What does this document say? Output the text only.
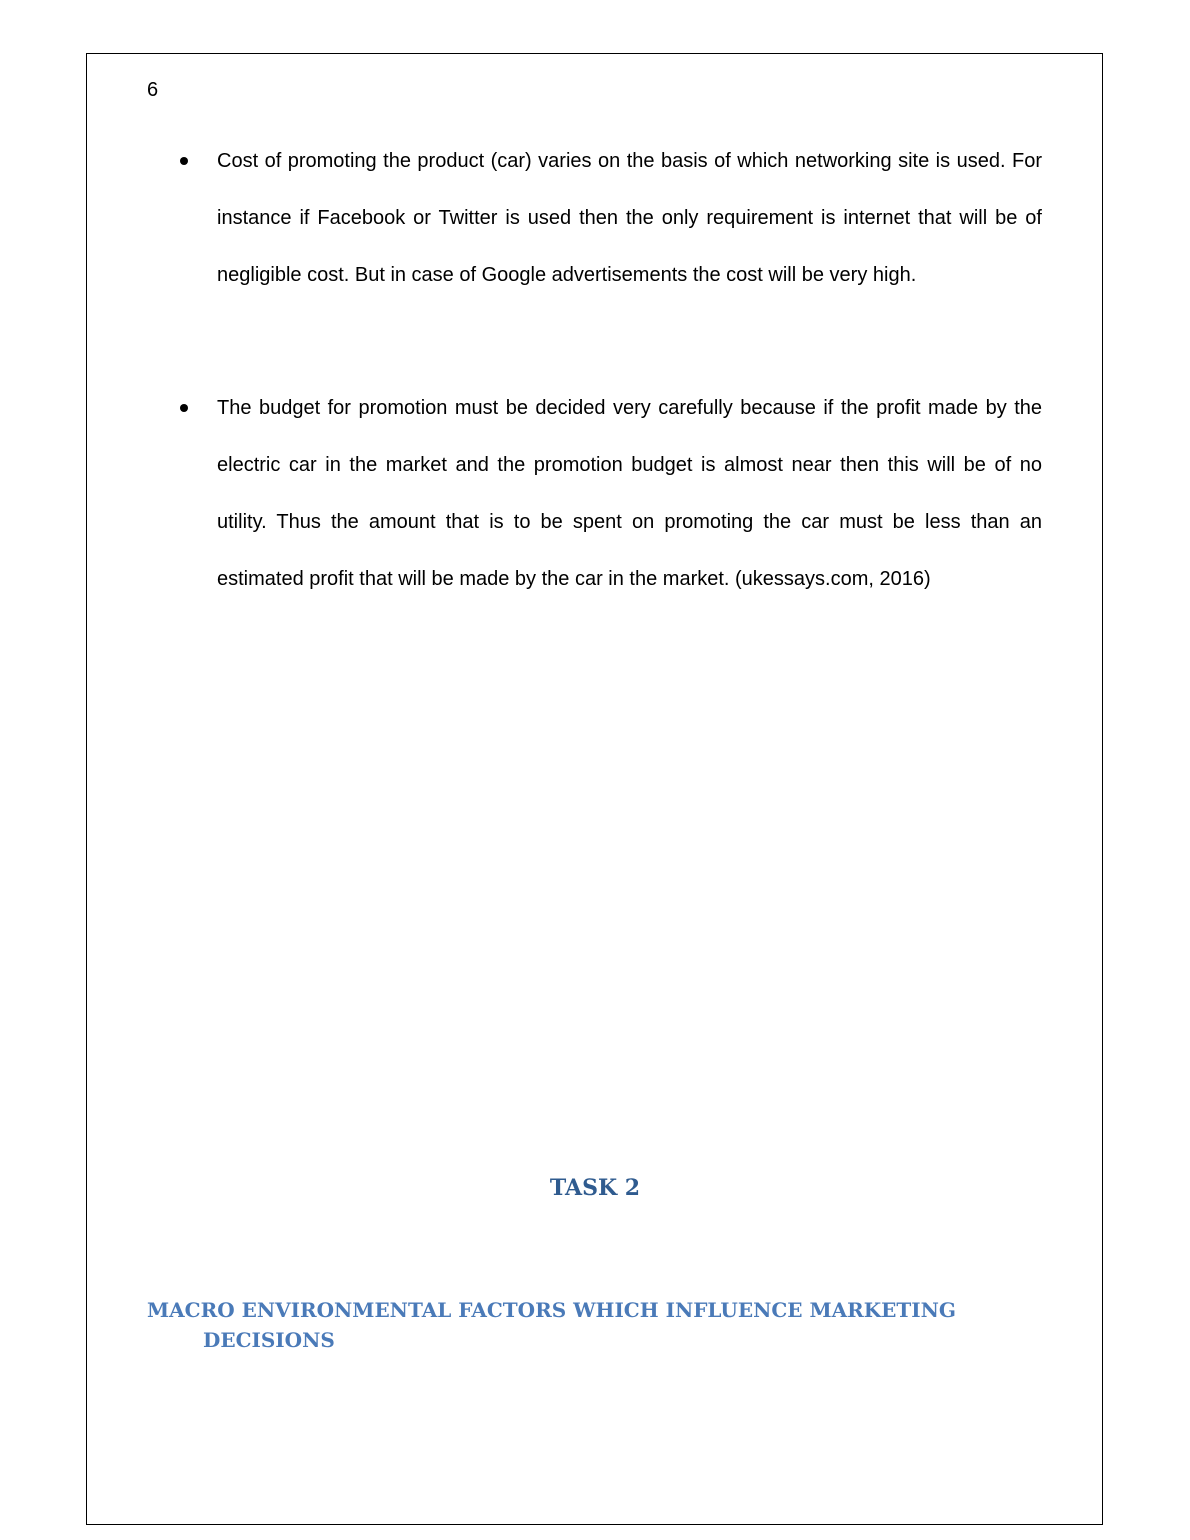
6
Cost of promoting the product (car) varies on the basis of which networking site is used. For instance if Facebook or Twitter is used then the only requirement is internet that will be of negligible cost. But in case of Google advertisements the cost will be very high.
The budget for promotion must be decided very carefully because if the profit made by the electric car in the market and the promotion budget is almost near then this will be of no utility. Thus the amount that is to be spent on promoting the car must be less than an estimated profit that will be made by the car in the market. (ukessays.com, 2016)
TASK 2
MACRO ENVIRONMENTAL FACTORS WHICH INFLUENCE MARKETING DECISIONS
